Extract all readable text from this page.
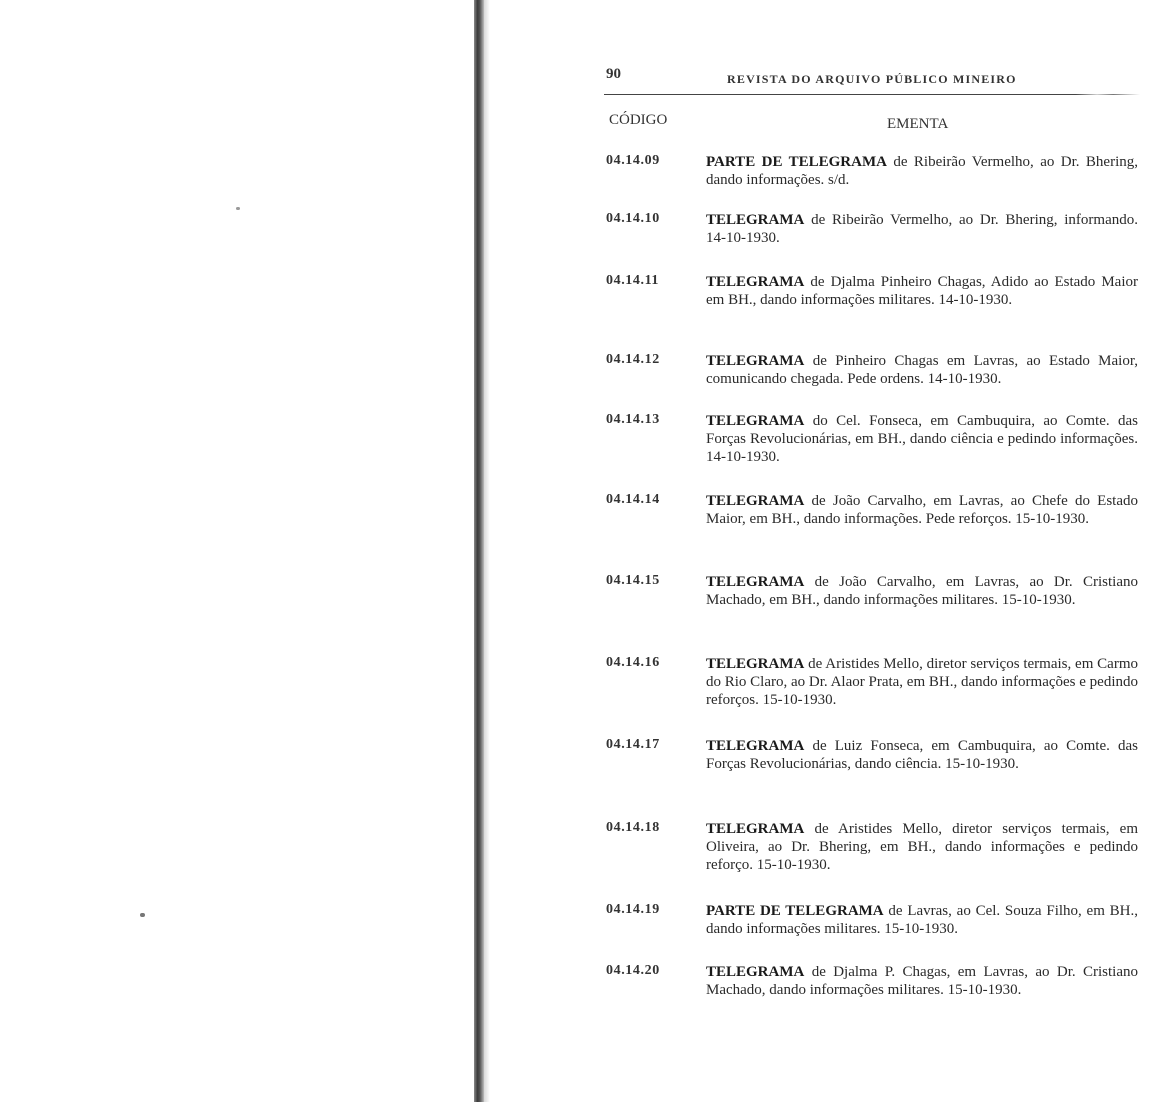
90	REVISTA DO ARQUIVO PÚBLICO MINEIRO
CÓDIGO	EMENTA
04.14.09	PARTE DE TELEGRAMA de Ribeirão Vermelho, ao Dr. Bhering, dando informações. s/d.
04.14.10	TELEGRAMA de Ribeirão Vermelho, ao Dr. Bhering, informando. 14-10-1930.
04.14.11	TELEGRAMA de Djalma Pinheiro Chagas, Adido ao Estado Maior em BH., dando informações militares. 14-10-1930.
04.14.12	TELEGRAMA de Pinheiro Chagas em Lavras, ao Estado Maior, comunicando chegada. Pede ordens. 14-10-1930.
04.14.13	TELEGRAMA do Cel. Fonseca, em Cambuquira, ao Comte. das Forças Revolucionárias, em BH., dando ciência e pedindo informações. 14-10-1930.
04.14.14	TELEGRAMA de João Carvalho, em Lavras, ao Chefe do Estado Maior, em BH., dando informações. Pede reforços. 15-10-1930.
04.14.15	TELEGRAMA de João Carvalho, em Lavras, ao Dr. Cristiano Machado, em BH., dando informações militares. 15-10-1930.
04.14.16	TELEGRAMA de Aristides Mello, diretor serviços termais, em Carmo do Rio Claro, ao Dr. Alaor Prata, em BH., dando informações e pedindo reforços. 15-10-1930.
04.14.17	TELEGRAMA de Luiz Fonseca, em Cambuquira, ao Comte. das Forças Revolucionárias, dando ciência. 15-10-1930.
04.14.18	TELEGRAMA de Aristides Mello, diretor serviços termais, em Oliveira, ao Dr. Bhering, em BH., dando informações e pedindo reforço. 15-10-1930.
04.14.19	PARTE DE TELEGRAMA de Lavras, ao Cel. Souza Filho, em BH., dando informações militares. 15-10-1930.
04.14.20	TELEGRAMA de Djalma P. Chagas, em Lavras, ao Dr. Cristiano Machado, dando informações militares. 15-10-1930.
